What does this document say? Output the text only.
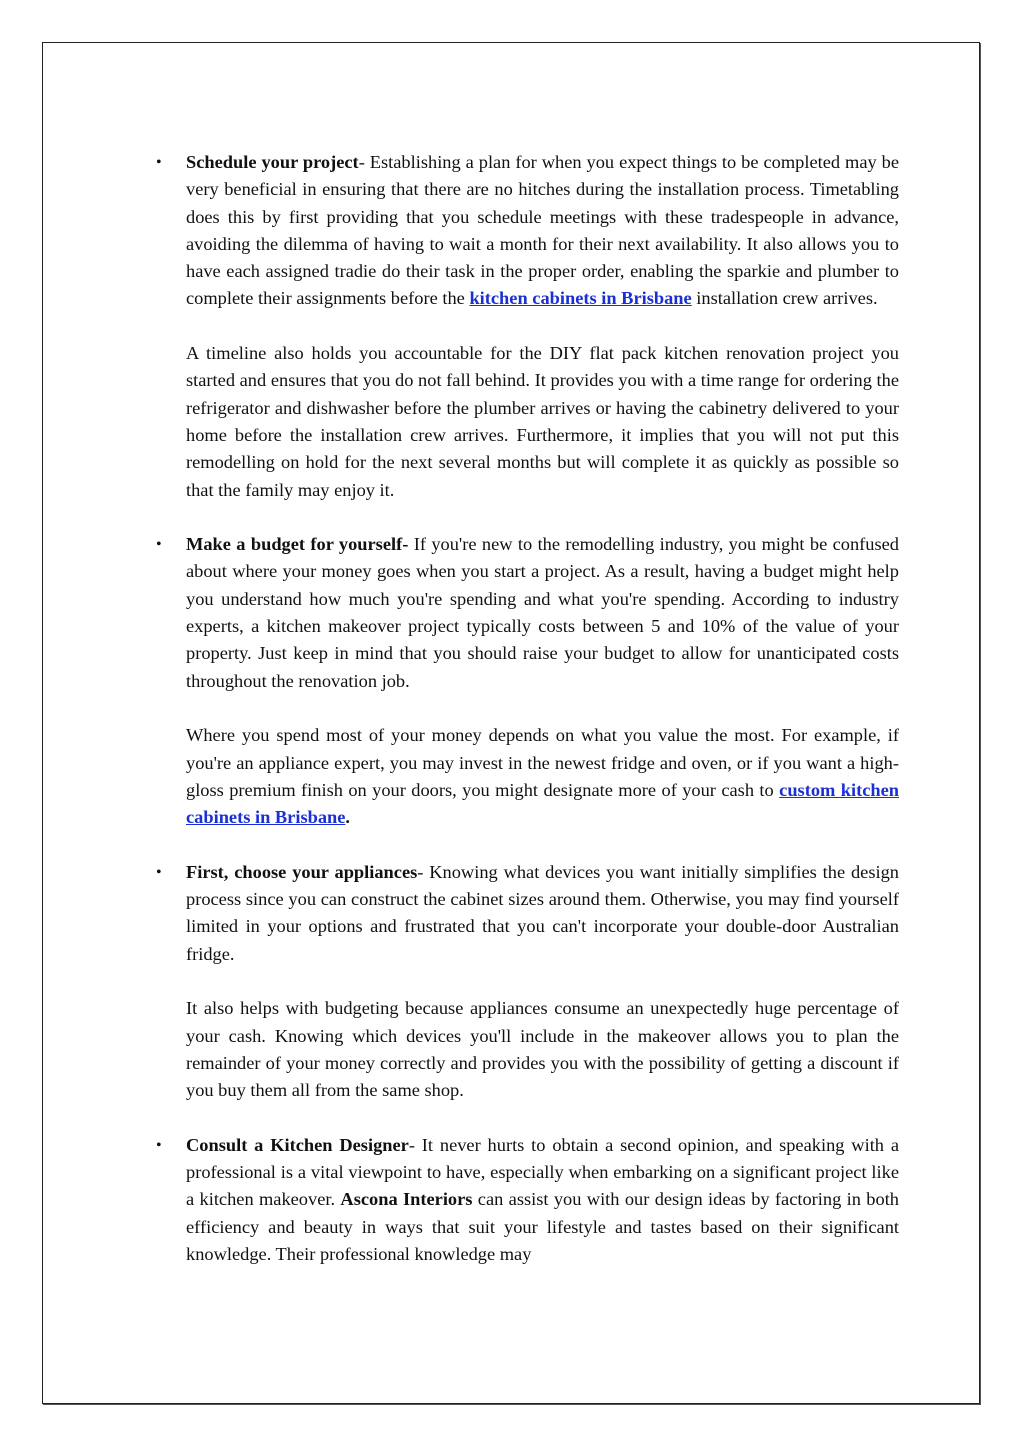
• Schedule your project- Establishing a plan for when you expect things to be completed may be very beneficial in ensuring that there are no hitches during the installation process. Timetabling does this by first providing that you schedule meetings with these tradespeople in advance, avoiding the dilemma of having to wait a month for their next availability. It also allows you to have each assigned tradie do their task in the proper order, enabling the sparkie and plumber to complete their assignments before the kitchen cabinets in Brisbane installation crew arrives.

A timeline also holds you accountable for the DIY flat pack kitchen renovation project you started and ensures that you do not fall behind. It provides you with a time range for ordering the refrigerator and dishwasher before the plumber arrives or having the cabinetry delivered to your home before the installation crew arrives. Furthermore, it implies that you will not put this remodelling on hold for the next several months but will complete it as quickly as possible so that the family may enjoy it.

• Make a budget for yourself- If you're new to the remodelling industry, you might be confused about where your money goes when you start a project. As a result, having a budget might help you understand how much you're spending and what you're spending. According to industry experts, a kitchen makeover project typically costs between 5 and 10% of the value of your property. Just keep in mind that you should raise your budget to allow for unanticipated costs throughout the renovation job.

Where you spend most of your money depends on what you value the most. For example, if you're an appliance expert, you may invest in the newest fridge and oven, or if you want a high-gloss premium finish on your doors, you might designate more of your cash to custom kitchen cabinets in Brisbane.

• First, choose your appliances- Knowing what devices you want initially simplifies the design process since you can construct the cabinet sizes around them. Otherwise, you may find yourself limited in your options and frustrated that you can't incorporate your double-door Australian fridge.

It also helps with budgeting because appliances consume an unexpectedly huge percentage of your cash. Knowing which devices you'll include in the makeover allows you to plan the remainder of your money correctly and provides you with the possibility of getting a discount if you buy them all from the same shop.

• Consult a Kitchen Designer- It never hurts to obtain a second opinion, and speaking with a professional is a vital viewpoint to have, especially when embarking on a significant project like a kitchen makeover. Ascona Interiors can assist you with our design ideas by factoring in both efficiency and beauty in ways that suit your lifestyle and tastes based on their significant knowledge. Their professional knowledge may
